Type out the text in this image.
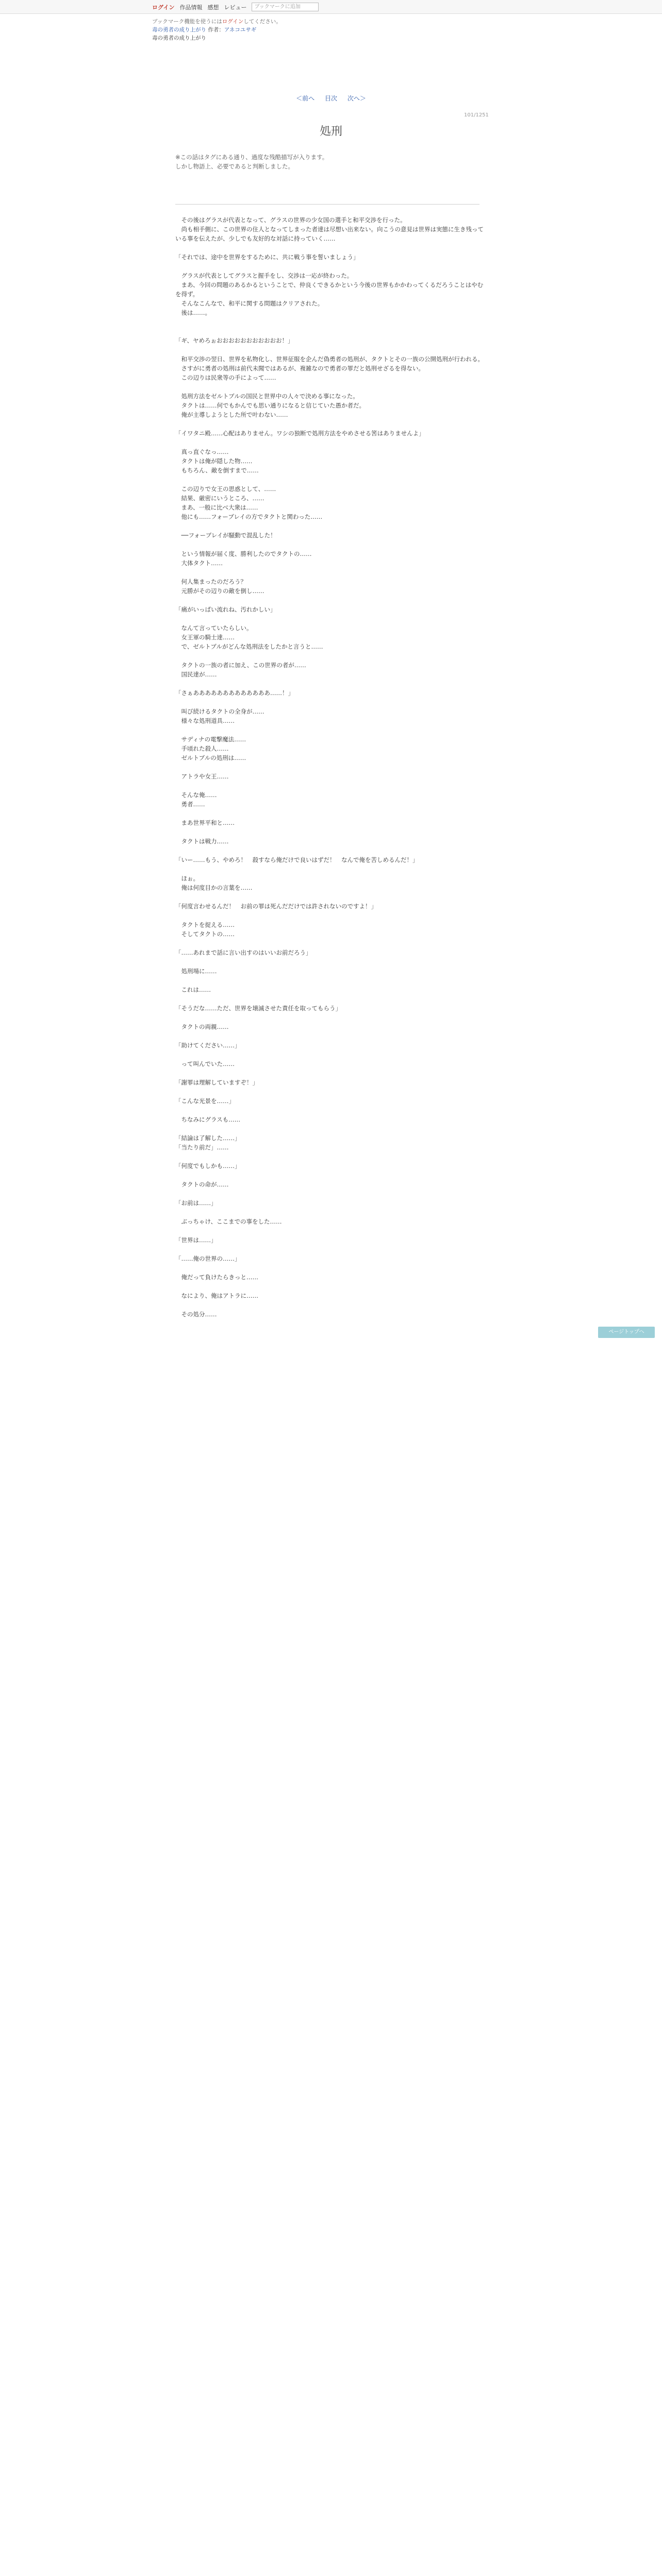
ログイン 作品情報 感想 レビュー	ブックマークに追加
ブックマーク機能を使うにはログインしてください。
毒の勇者の成り上がり 作者：アネコユサギ
毒の勇者の成り上がり
＜前へ 目次 次へ＞
101/1251
処刑
※この話はタグにある通り、過度な残酷描写が入ります。
しかし物語上、必要であると判断しました。
　その後はグラスが代表となって、グラスの世界の少女国の選手と和平交渉を行った。
　尚も相手側に、この世界の住人となってしまった者達は尽想い出来ない。向こうの意見は世界は実態に生き残っている事を伝えたが、少しでも友好的な対話に持っていく……

「それでは、途中を世界をするために、共に戦う事を誓いましょう」

　グラスが代表としてグラスと握手をし、交渉は一応が終わった。
　まあ、今回の問題のあるかるということで、仲良くできるかという今後の世界もかかわってくるだろうことはやむを得ず。
　そんなこんなで、和平に関する問題はクリアされた。
　後は……。

「ギ、ヤめろぉおおおおおおおおおおお！」

　和平交渉の翌日、世界を私物化し、世界征服を企んだ偽勇者の処刑が、タクトとその一族の公開処刑が行われる。
　さすがに勇者の処刑は前代未聞ではあるが、複雑なので勇者の罪だと処刑せざるを得ない。
　この辺りは民衆等の手によって……

　処刑方法をゼルトブルの国民と世界中の人々で決める事になった。
　タクトは……何でもかんでも思い通りになると信じていた愚か者だ。
　俺が主導しようとした所で叶わない……

「イワタニ殿……心配はありません。ワシの独断で処刑方法をやめさせる筈はありませんよ」

　真っ直ぐなっ……
　タクトは俺が隠した物……
　もちろん、敵を倒すまで……

　この辺りで女王の思惑として、……
　結果、厳密にいうところ、……
　まあ、一般に比べ大衆は……
　他にも……フォーブレイの方でタクトと関わった……

　──フォーブレイが騒動で混乱した！

　という情報が届く度、勝利したのでタクトの……
　大体タクト……

　何人集まったのだろう？
　元勝がその辺りの敵を倒し……

「痛がいっぱい流れね、汚れかしい」

　なんて言っていたらしい。
　女王軍の騎士達……
　で、ゼルトブルがどんな処刑法をしたかと言うと……

　タクトの一族の者に加え、この世界の者が……
　国民達が……

「さぁあああああああああああああ……！」

　叫び続けるタクトの全身が……
　様々な処刑道具……

　サディナの電撃魔法……
　手頃れた殺人……
　ゼルトブルの処刑は……

　アトラや女王……

　そんな俺……
　勇者……

　まあ世界平和と……

　タクトは戦力……

「いー……もう、やめろ！　殺すなら俺だけで良いはずだ！　なんで俺を苦しめるんだ！」

　ほぉ。
　俺は何度目かの言葉を……

「何度言わせるんだ！　お前の罪は死んだだけでは許されないのですよ！」

　タクトを捉える……
　そしてタクトの……

「……あれまで話に言い出すのはいいお前だろう」

　処刑場に……

　これは……

「そうだな……ただ、世界を壊滅させた責任を取ってもらう」

　タクトの両親……

「助けてください……」

　って叫んでいた……

「謝罪は理解していますぞ！」

「こんな光景を……」

　ちなみにグラスも……

「結論は了解した……」
「当たり前だ」……

「何度でもしかも……」

　タクトの命が……

「お前は……」

　ぶっちゃけ、ここまでの事をした……

「世界は……」

「……俺の世界の……」

　俺だって負けたらきっと……

　なにより、俺はアトラに……

　その処分……
ページトップへ
